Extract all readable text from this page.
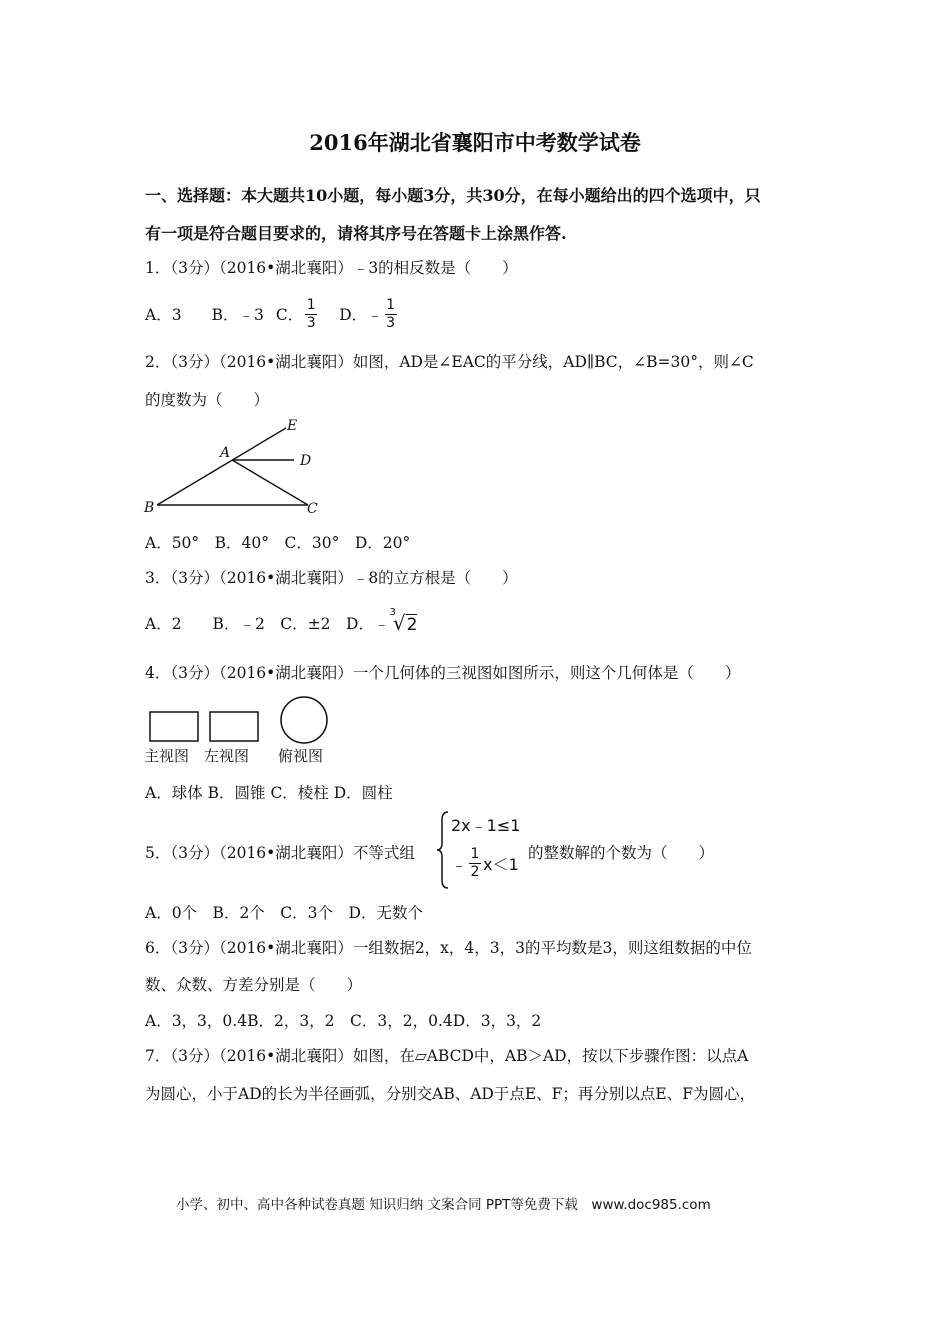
2016年湖北省襄阳市中考数学试卷
一、选择题：本大题共10小题，每小题3分，共30分，在每小题给出的四个选项中，只
有一项是符合题目要求的，请将其序号在答题卡上涂黑作答.
1．（3分）（2016•湖北襄阳）﹣3的相反数是（　　）
A．3 B．﹣3 C． $\frac{1}{3}$ D．﹣ $\frac{1}{3}$
2．（3分）（2016•湖北襄阳）如图，AD是∠EAC的平分线，AD∥BC，∠B=30°，则∠C
的度数为（　　）
A
B	C
D
E
A．50°　B．40°　C．30°　D．20°
3．（3分）（2016•湖北襄阳）﹣8的立方根是（　　）
A．2　　B．﹣2　C．±2　D．﹣
3
√ 2
4．（3分）（2016•湖北襄阳）一个几何体的三视图如图所示，则这个几何体是（　　）
主视图 左视图 俯视图
A．球体 B．圆锥 C．棱柱 D．圆柱
5．（3分）（2016•湖北襄阳）不等式组
2x﹣1≤1
﹣ $\frac{1}{2} x<1$
的整数解的个数为（　　）
A．0个　B．2个　C．3个　D．无数个
6．（3分）（2016•湖北襄阳）一组数据2，x，4，3，3的平均数是3，则这组数据的中位
数、众数、方差分别是（　　）
A．3，3，0.4B．2，3，2　C．3，2，0.4D．3，3，2
7．（3分）（2016•湖北襄阳）如图，在▱ABCD中，AB＞AD，按以下步骤作图：以点A
为圆心，小于AD的长为半径画弧，分别交AB、AD于点E、F；再分别以点E、F为圆心，
小学、初中、高中各种试卷真题 知识归纳 文案合同 PPT等免费下载　www.doc985.com
